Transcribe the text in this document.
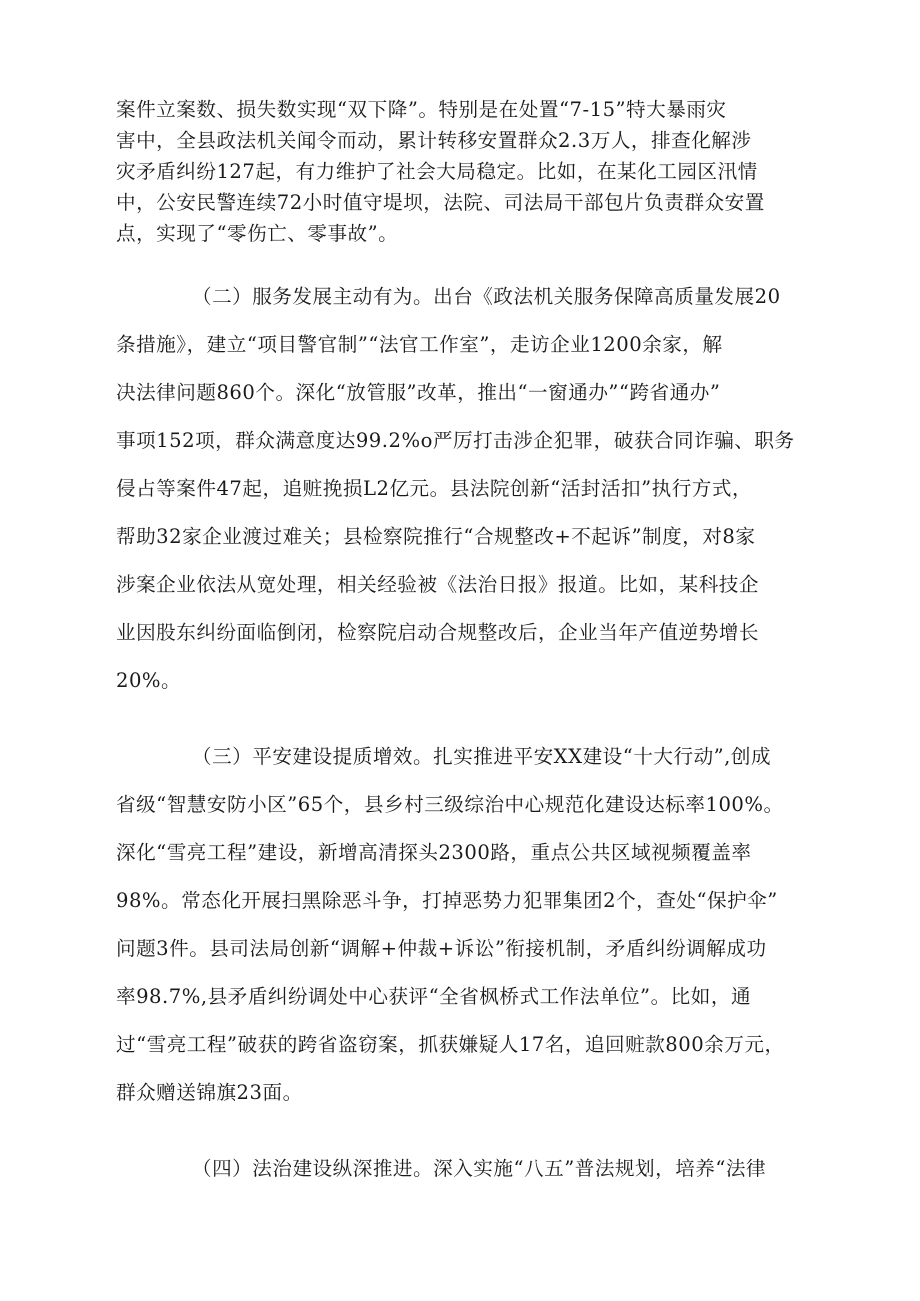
案件立案数、损失数实现“双下降”。特别是在处置“7-15”特大暴雨灾
害中，全县政法机关闻令而动，累计转移安置群众2.3万人，排查化解涉
灾矛盾纠纷127起，有力维护了社会大局稳定。比如，在某化工园区汛情
中，公安民警连续72小时值守堤坝，法院、司法局干部包片负责群众安置
点，实现了“零伤亡、零事故”。
（二）服务发展主动有为。出台《政法机关服务保障高质量发展20
条措施》，建立“项目警官制”“法官工作室”，走访企业1200余家，解
决法律问题860个。深化“放管服”改革，推出“一窗通办”“跨省通办”
事项152项，群众满意度达99.2%o严厉打击涉企犯罪，破获合同诈骗、职务
侵占等案件47起，追赃挽损L2亿元。县法院创新“活封活扣”执行方式，
帮助32家企业渡过难关；县检察院推行“合规整改+不起诉”制度，对8家
涉案企业依法从宽处理，相关经验被《法治日报》报道。比如，某科技企
业因股东纠纷面临倒闭，检察院启动合规整改后，企业当年产值逆势增长
20%。
（三）平安建设提质增效。扎实推进平安XX建设“十大行动”,创成
省级“智慧安防小区”65个，县乡村三级综治中心规范化建设达标率100%。
深化“雪亮工程”建设，新增高清探头2300路，重点公共区域视频覆盖率
98%。常态化开展扫黑除恶斗争，打掉恶势力犯罪集团2个，查处“保护伞”
问题3件。县司法局创新“调解+仲裁+诉讼”衔接机制，矛盾纠纷调解成功
率98.7%,县矛盾纠纷调处中心获评“全省枫桥式工作法单位”。比如，通
过“雪亮工程”破获的跨省盗窃案，抓获嫌疑人17名，追回赃款800余万元，
群众赠送锦旗23面。
（四）法治建设纵深推进。深入实施“八五”普法规划，培养“法律
